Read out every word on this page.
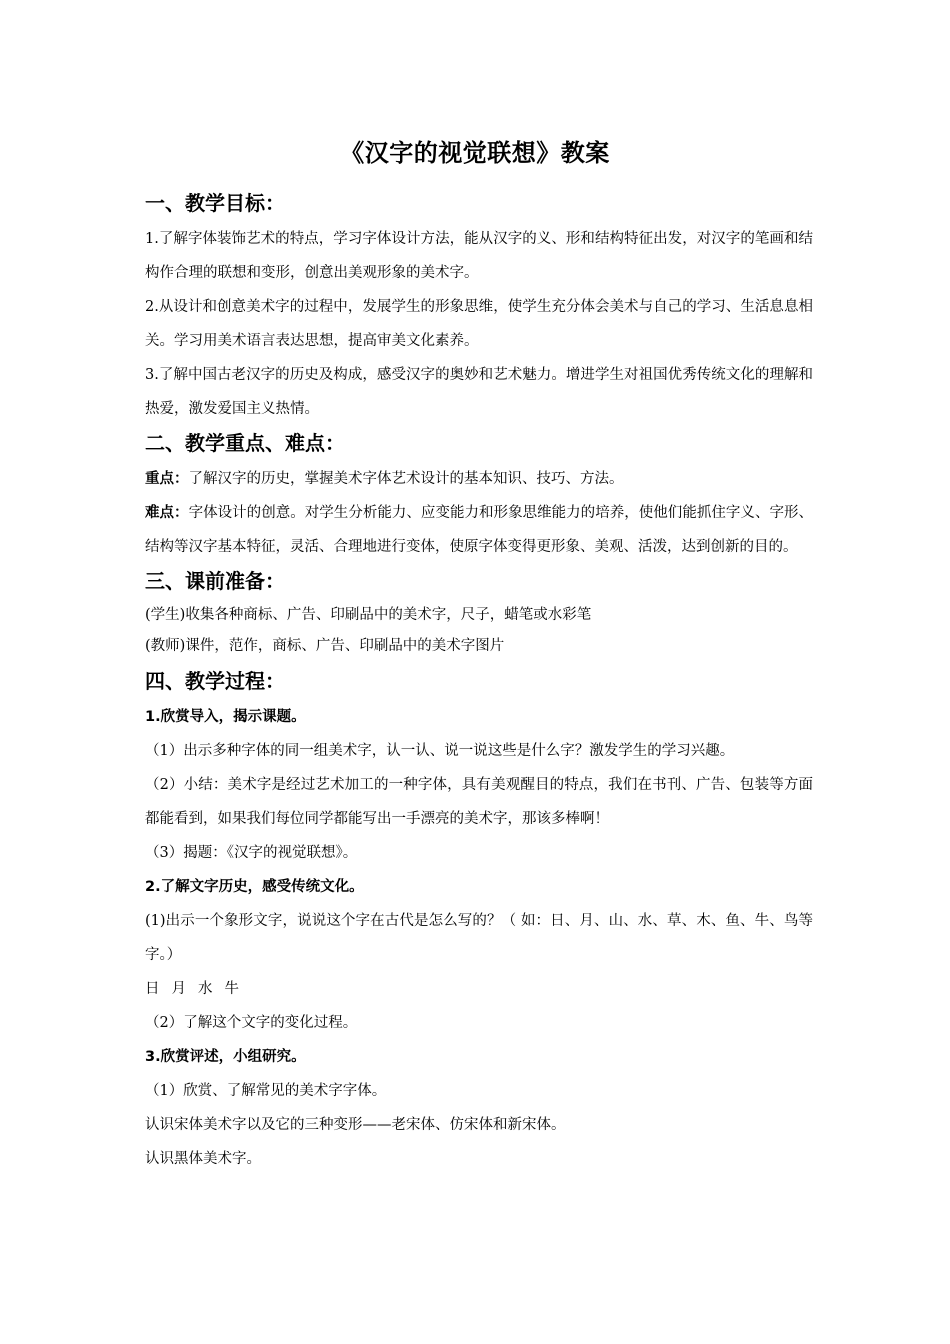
《汉字的视觉联想》教案
一、教学目标：

1.了解字体装饰艺术的特点，学习字体设计方法，能从汉字的义、形和结构特征出发，对汉字的笔画和结构作合理的联想和变形，创意出美观形象的美术字。

2.从设计和创意美术字的过程中，发展学生的形象思维，使学生充分体会美术与自己的学习、生活息息相关。学习用美术语言表达思想，提高审美文化素养。

3.了解中国古老汉字的历史及构成，感受汉字的奥妙和艺术魅力。增进学生对祖国优秀传统文化的理解和热爱，激发爱国主义热情。

二、教学重点、难点：

重点：了解汉字的历史，掌握美术字体艺术设计的基本知识、技巧、方法。

难点：字体设计的创意。对学生分析能力、应变能力和形象思维能力的培养，使他们能抓住字义、字形、结构等汉字基本特征，灵活、合理地进行变体，使原字体变得更形象、美观、活泼，达到创新的目的。

三、课前准备：

(学生)收集各种商标、广告、印刷品中的美术字，尺子，蜡笔或水彩笔

(教师)课件，范作，商标、广告、印刷品中的美术字图片

四、教学过程：

1.欣赏导入，揭示课题。

（1）出示多种字体的同一组美术字，认一认、说一说这些是什么字？激发学生的学习兴趣。

（2）小结：美术字是经过艺术加工的一种字体，具有美观醒目的特点，我们在书刊、广告、包装等方面都能看到，如果我们每位同学都能写出一手漂亮的美术字，那该多棒啊！

（3）揭题：《汉字的视觉联想》。

2.了解文字历史，感受传统文化。

(1)出示一个象形文字，说说这个字在古代是怎么写的？（ 如：日、月、山、水、草、木、鱼、牛、鸟等字。）

日 月 水 牛

（2）了解这个文字的变化过程。

3.欣赏评述，小组研究。

（1）欣赏、了解常见的美术字字体。

认识宋体美术字以及它的三种变形——老宋体、仿宋体和新宋体。

认识黑体美术字。
